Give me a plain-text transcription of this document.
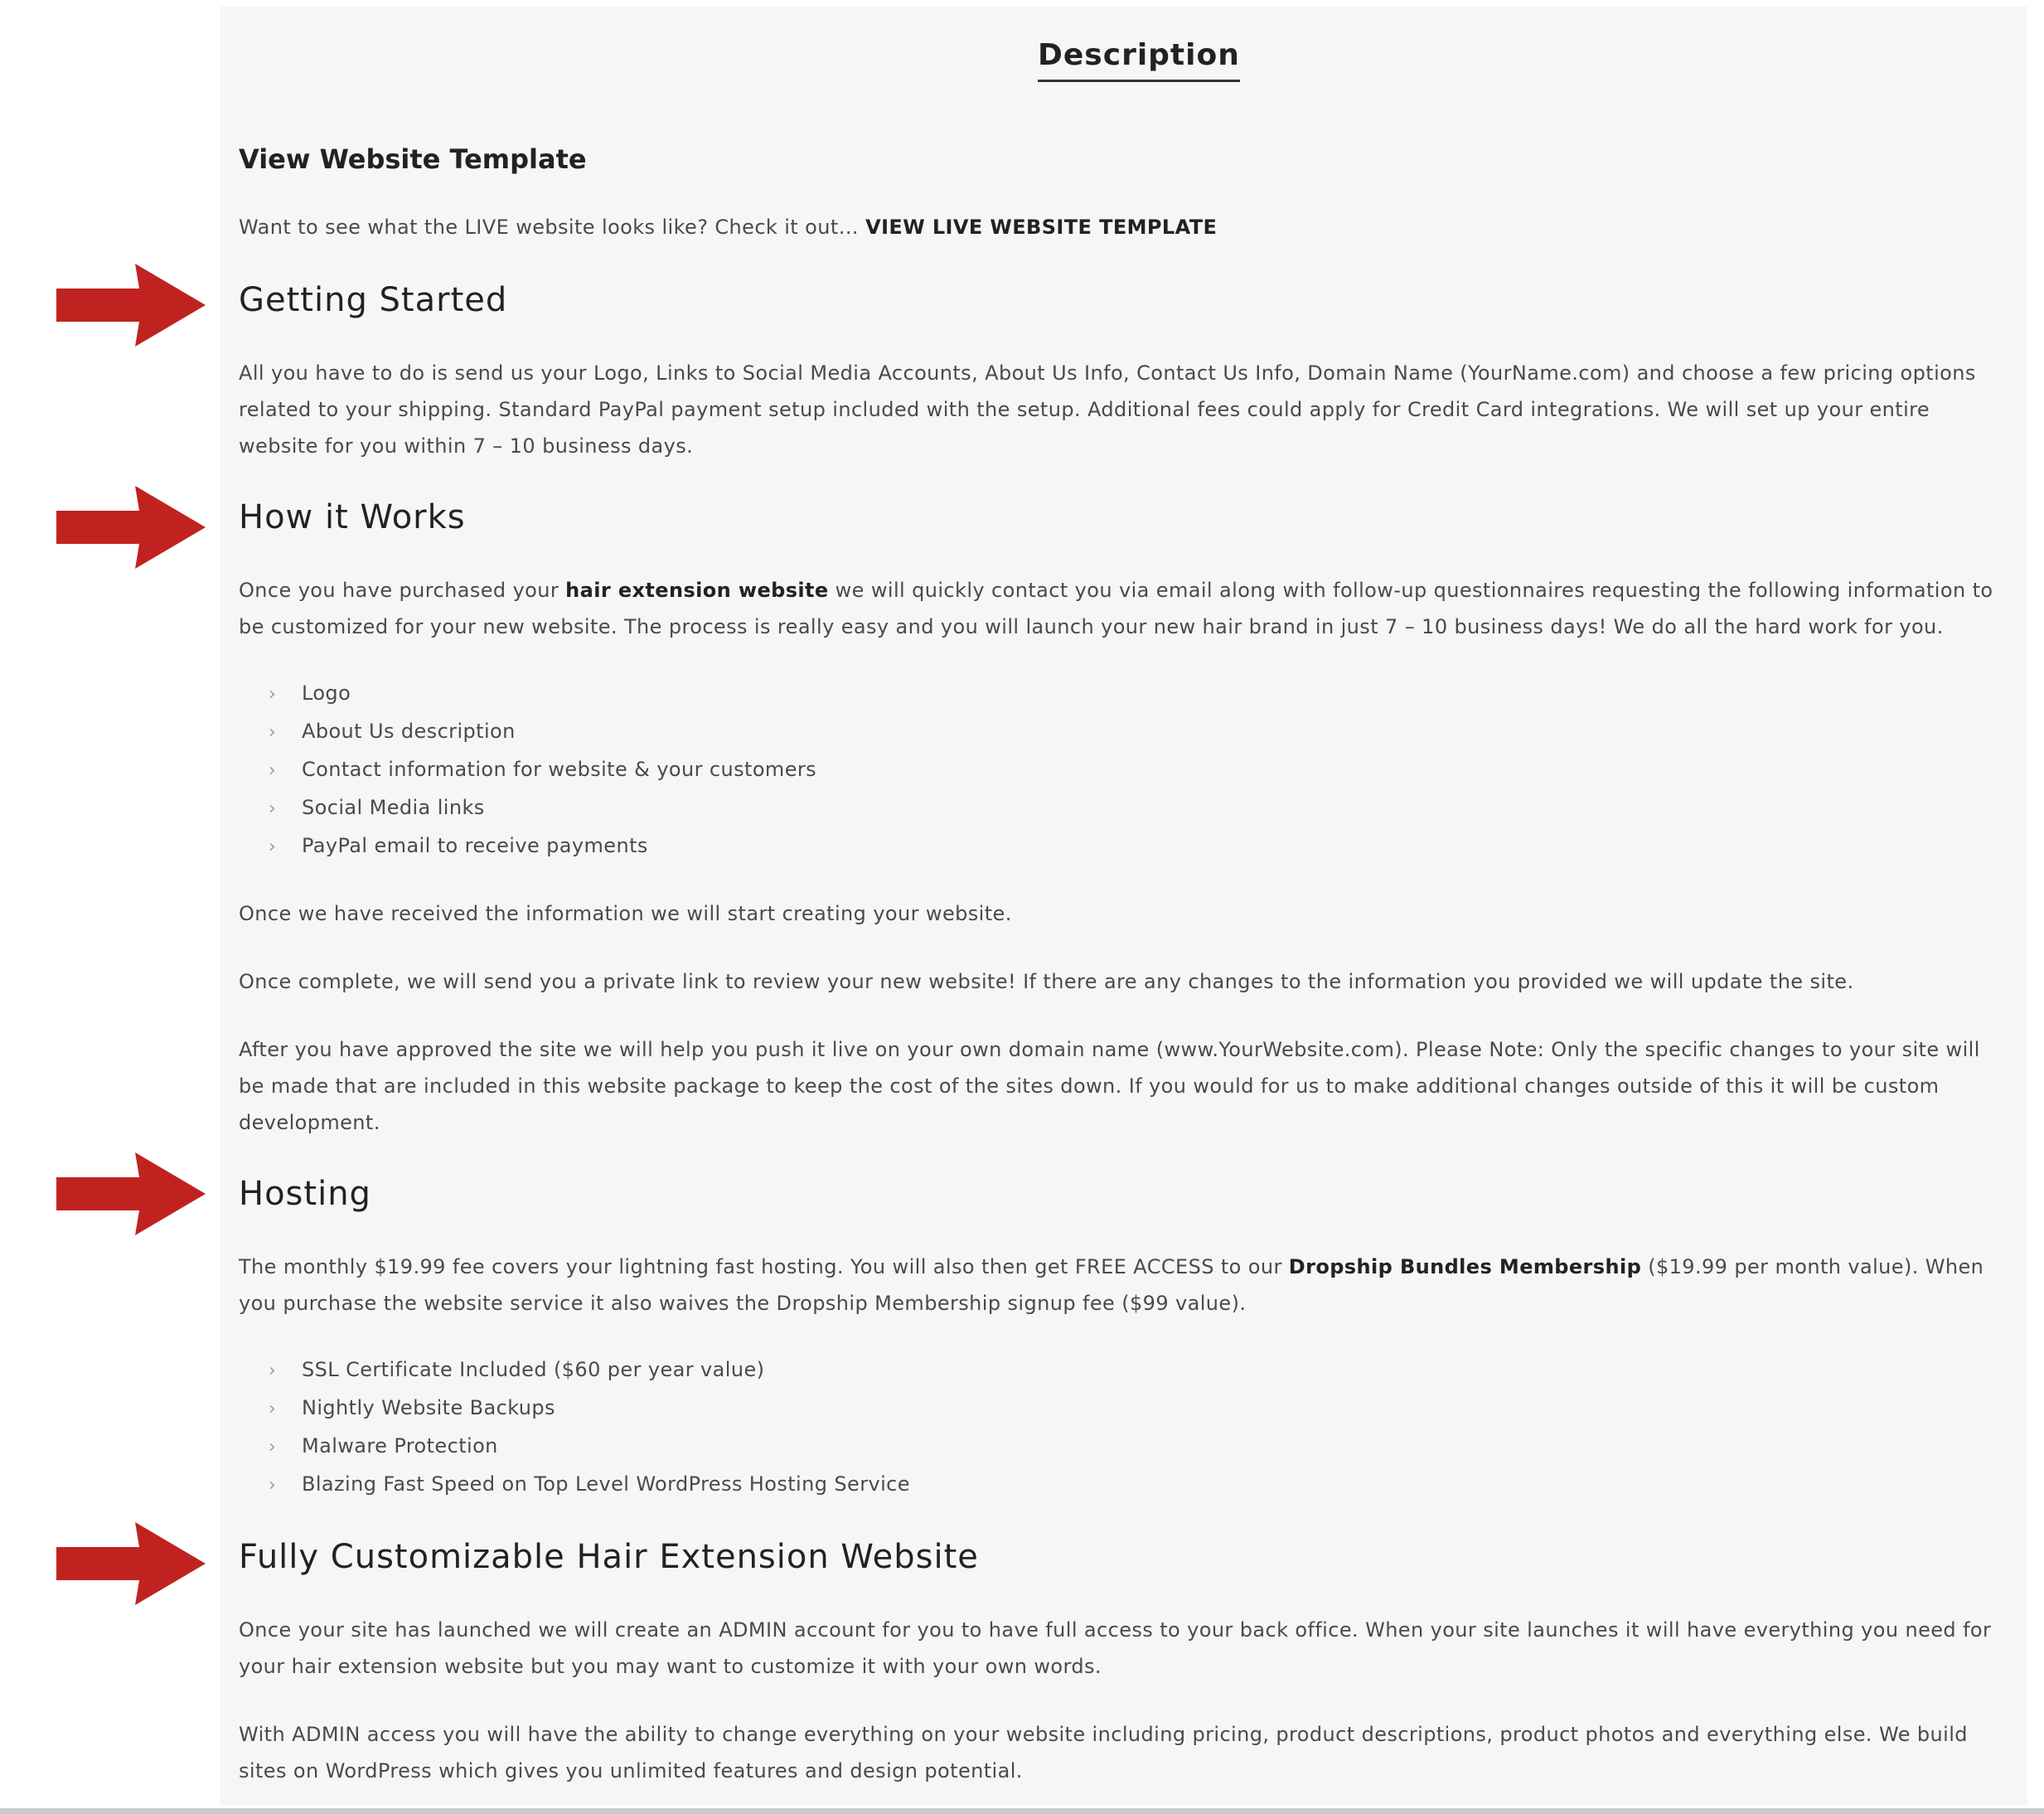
Description
View Website Template

Want to see what the LIVE website looks like? Check it out… VIEW LIVE WEBSITE TEMPLATE

Getting Started

All you have to do is send us your Logo, Links to Social Media Accounts, About Us Info, Contact Us Info, Domain Name (YourName.com) and choose a few pricing options related to your shipping. Standard PayPal payment setup included with the setup. Additional fees could apply for Credit Card integrations. We will set up your entire website for you within 7 – 10 business days.

How it Works

Once you have purchased your hair extension website we will quickly contact you via email along with follow-up questionnaires requesting the following information to be customized for your new website. The process is really easy and you will launch your new hair brand in just 7 – 10 business days! We do all the hard work for you.

› Logo
› About Us description
› Contact information for website & your customers
› Social Media links
› PayPal email to receive payments

Once we have received the information we will start creating your website.

Once complete, we will send you a private link to review your new website! If there are any changes to the information you provided we will update the site.

After you have approved the site we will help you push it live on your own domain name (www.YourWebsite.com). Please Note: Only the specific changes to your site will be made that are included in this website package to keep the cost of the sites down. If you would for us to make additional changes outside of this it will be custom development.

Hosting

The monthly $19.99 fee covers your lightning fast hosting. You will also then get FREE ACCESS to our Dropship Bundles Membership ($19.99 per month value). When you purchase the website service it also waives the Dropship Membership signup fee ($99 value).

› SSL Certificate Included ($60 per year value)
› Nightly Website Backups
› Malware Protection
› Blazing Fast Speed on Top Level WordPress Hosting Service
Fully Customizable Hair Extension Website

Once your site has launched we will create an ADMIN account for you to have full access to your back office. When your site launches it will have everything you need for your hair extension website but you may want to customize it with your own words.

With ADMIN access you will have the ability to change everything on your website including pricing, product descriptions, product photos and everything else. We build sites on WordPress which gives you unlimited features and design potential.
